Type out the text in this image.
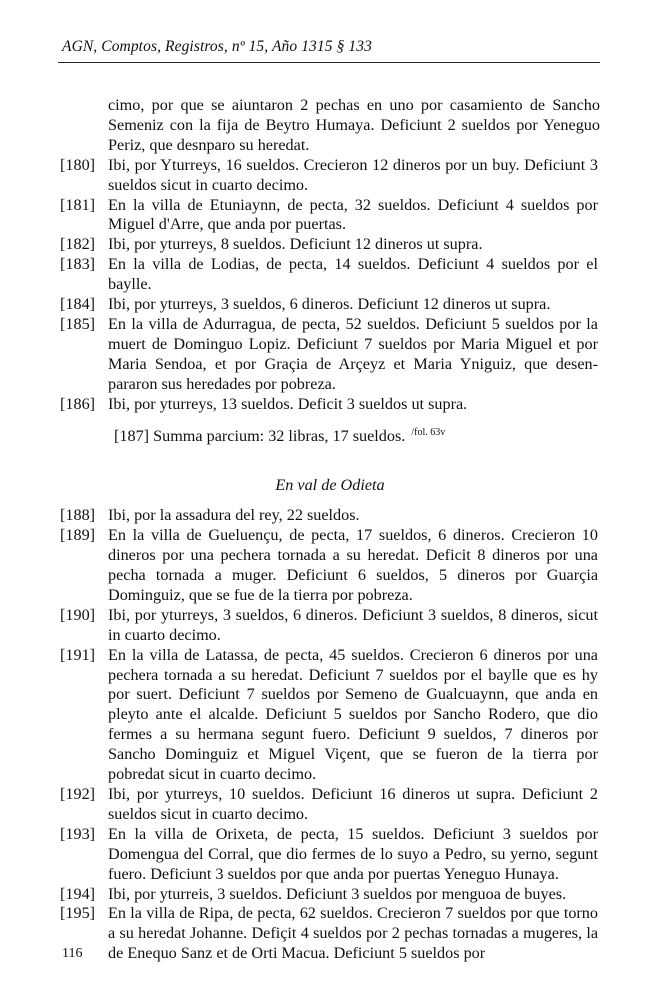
AGN, Comptos, Registros, nº 15, Año 1315 § 133
cimo, por que se aiuntaron 2 pechas en uno por casamiento de Sancho Semeniz con la fija de Beytro Humaya. Deficiunt 2 sueldos por Yeneguo Periz, que desnparo su heredat.
[180] Ibi, por Yturreys, 16 sueldos. Crecieron 12 dineros por un buy. Deficiunt 3 sueldos sicut in cuarto decimo.
[181] En la villa de Etuniaynn, de pecta, 32 sueldos. Deficiunt 4 sueldos por Miguel d'Arre, que anda por puertas.
[182] Ibi, por yturreys, 8 sueldos. Deficiunt 12 dineros ut supra.
[183] En la villa de Lodias, de pecta, 14 sueldos. Deficiunt 4 sueldos por el baylle.
[184] Ibi, por yturreys, 3 sueldos, 6 dineros. Deficiunt 12 dineros ut supra.
[185] En la villa de Adurragua, de pecta, 52 sueldos. Deficiunt 5 sueldos por la muert de Dominguo Lopiz. Deficiunt 7 sueldos por Maria Miguel et por Maria Sendoa, et por Graçia de Arçeyz et Maria Yniguiz, que desen-pararon sus heredades por pobreza.
[186] Ibi, por yturreys, 13 sueldos. Deficit 3 sueldos ut supra.
[187] Summa parcium: 32 libras, 17 sueldos. $^{/fol. 63v}$
En val de Odieta
[188] Ibi, por la assadura del rey, 22 sueldos.
[189] En la villa de Gueluençu, de pecta, 17 sueldos, 6 dineros. Crecieron 10 dineros por una pechera tornada a su heredat. Deficit 8 dineros por una pecha tornada a muger. Deficiunt 6 sueldos, 5 dineros por Guarçia Dominguiz, que se fue de la tierra por pobreza.
[190] Ibi, por yturreys, 3 sueldos, 6 dineros. Deficiunt 3 sueldos, 8 dineros, sicut in cuarto decimo.
[191] En la villa de Latassa, de pecta, 45 sueldos. Crecieron 6 dineros por una pechera tornada a su heredat. Deficiunt 7 sueldos por el baylle que es hy por suert. Deficiunt 7 sueldos por Semeno de Gualcuaynn, que anda en pleyto ante el alcalde. Deficiunt 5 sueldos por Sancho Rodero, que dio fermes a su hermana segunt fuero. Deficiunt 9 sueldos, 7 dineros por Sancho Dominguiz et Miguel Viçent, que se fueron de la tierra por pobredat sicut in cuarto decimo.
[192] Ibi, por yturreys, 10 sueldos. Deficiunt 16 dineros ut supra. Deficiunt 2 sueldos sicut in cuarto decimo.
[193] En la villa de Orixeta, de pecta, 15 sueldos. Deficiunt 3 sueldos por Domengua del Corral, que dio fermes de lo suyo a Pedro, su yerno, segunt fuero. Deficiunt 3 sueldos por que anda por puertas Yeneguo Hunaya.
[194] Ibi, por yturreis, 3 sueldos. Deficiunt 3 sueldos por menguoa de buyes.
[195] En la villa de Ripa, de pecta, 62 sueldos. Crecieron 7 sueldos por que torno a su heredat Johanne. Defiçit 4 sueldos por 2 pechas tornadas a mugeres, la de Enequo Sanz et de Orti Macua. Deficiunt 5 sueldos por
116
